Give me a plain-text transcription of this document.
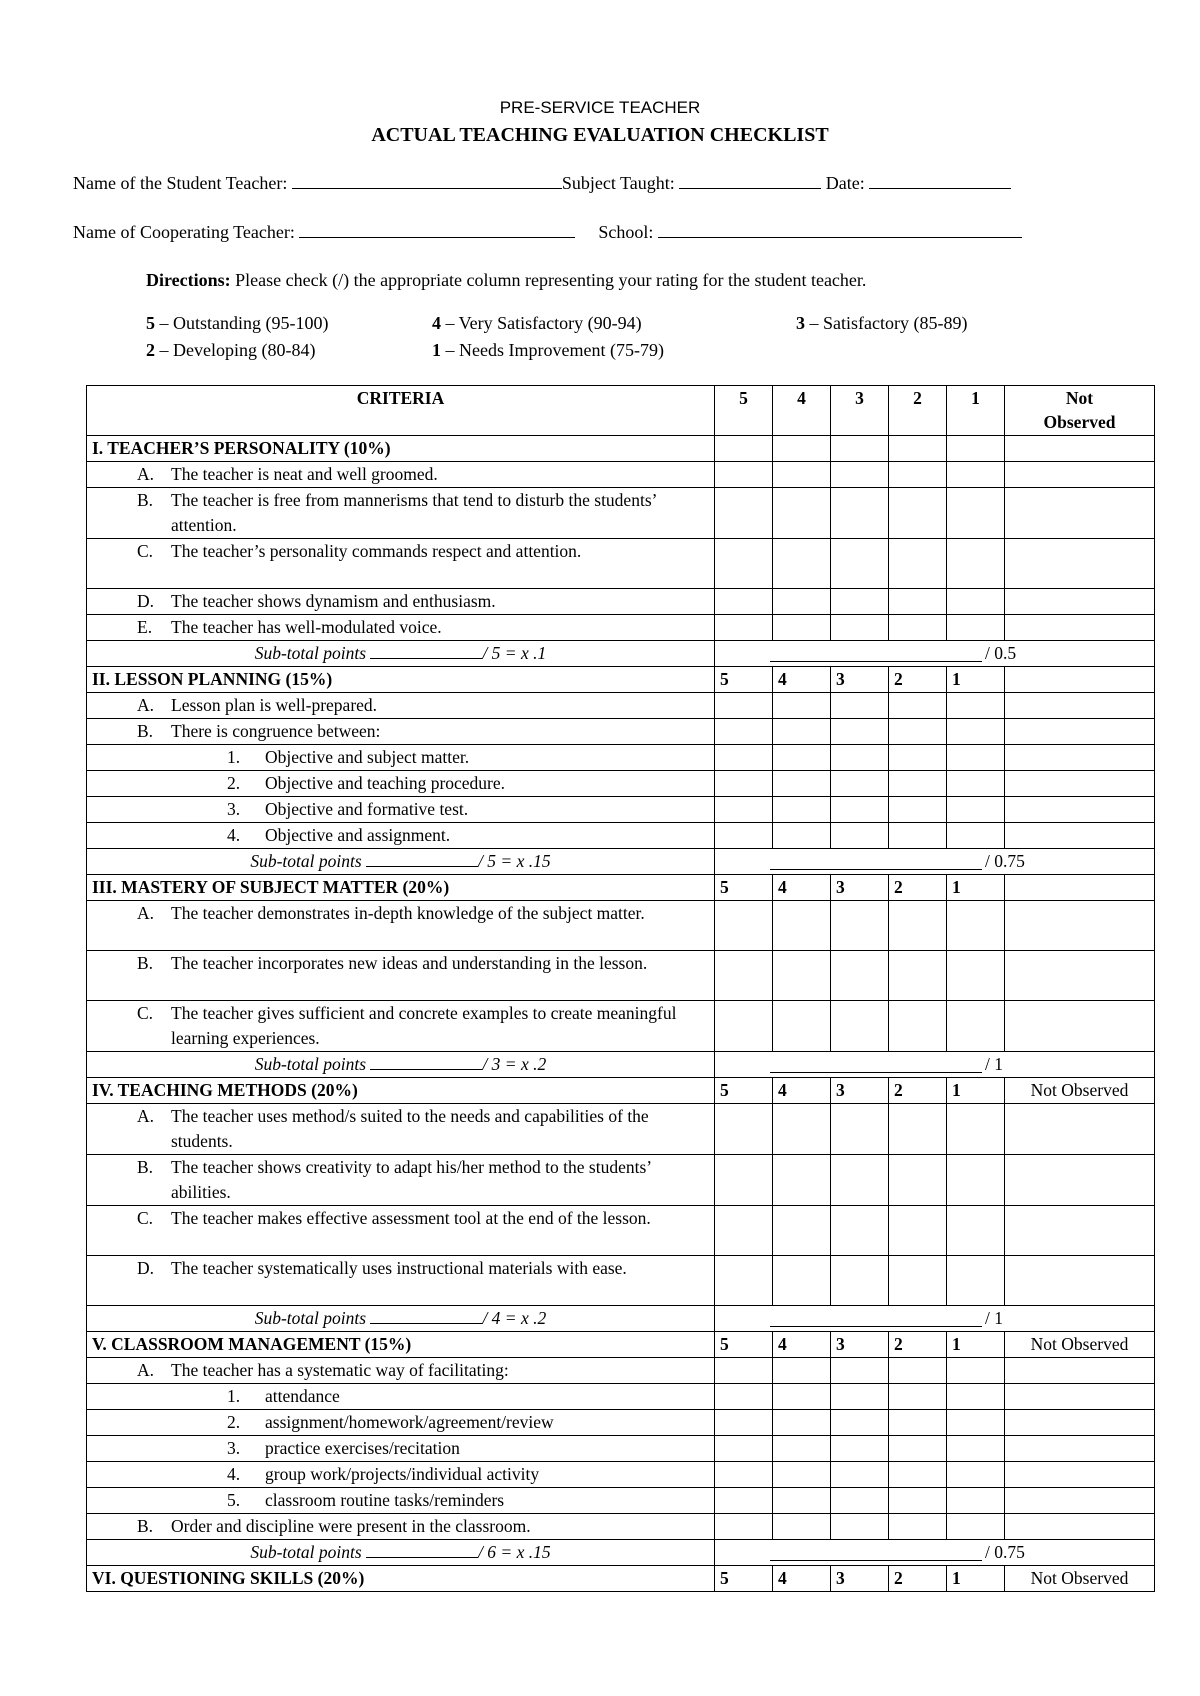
PRE-SERVICE TEACHER
ACTUAL TEACHING EVALUATION CHECKLIST
Name of the Student Teacher:	Subject Taught:	Date:
Name of Cooperating Teacher:	School:
Directions: Please check (/) the appropriate column representing your rating for the student teacher.
5 – Outstanding (95-100)	4 – Very Satisfactory (90-94)	3 – Satisfactory (85-89)
2 – Developing (80-84)	1 – Needs Improvement (75-79)
CRITERIA	5	4	3	2	1	Not
Observed
I. TEACHER’S PERSONALITY (10%)						

A. The teacher is neat and well groomed.						

B. The teacher is free from mannerisms that tend to disturb the students’ attention.						

C. The teacher’s personality commands respect and attention.						

D. The teacher shows dynamism and enthusiasm.						

E. The teacher has well-modulated voice.						

Sub-total points / 5 = x .1	/ 0.5					

II. LESSON PLANNING (15%)	5	4	3	2	1	

A. Lesson plan is well-prepared.						

B. There is congruence between:						

1. Objective and subject matter.						

2. Objective and teaching procedure.						

3. Objective and formative test.						

4. Objective and assignment.						

Sub-total points / 5 = x .15	/ 0.75					

III. MASTERY OF SUBJECT MATTER (20%)	5	4	3	2	1	

A. The teacher demonstrates in-depth knowledge of the subject matter.						

B. The teacher incorporates new ideas and understanding in the lesson.						

C. The teacher gives sufficient and concrete examples to create meaningful learning experiences.						

Sub-total points / 3 = x .2	/ 1					

IV. TEACHING METHODS (20%)	5	4	3	2	1	Not Observed

A. The teacher uses method/s suited to the needs and capabilities of the students.						

B. The teacher shows creativity to adapt his/her method to the students’ abilities.						

C. The teacher makes effective assessment tool at the end of the lesson.						

D. The teacher systematically uses instructional materials with ease.						

Sub-total points / 4 = x .2	/ 1					

V. CLASSROOM MANAGEMENT (15%)	5	4	3	2	1	Not Observed

A. The teacher has a systematic way of facilitating:						

1. attendance						

2. assignment/homework/agreement/review						

3. practice exercises/recitation						

4. group work/projects/individual activity						

5. classroom routine tasks/reminders						

B. Order and discipline were present in the classroom.						

Sub-total points / 6 = x .15	/ 0.75					

VI. QUESTIONING SKILLS (20%)	5	4	3	2	1	Not Observed
